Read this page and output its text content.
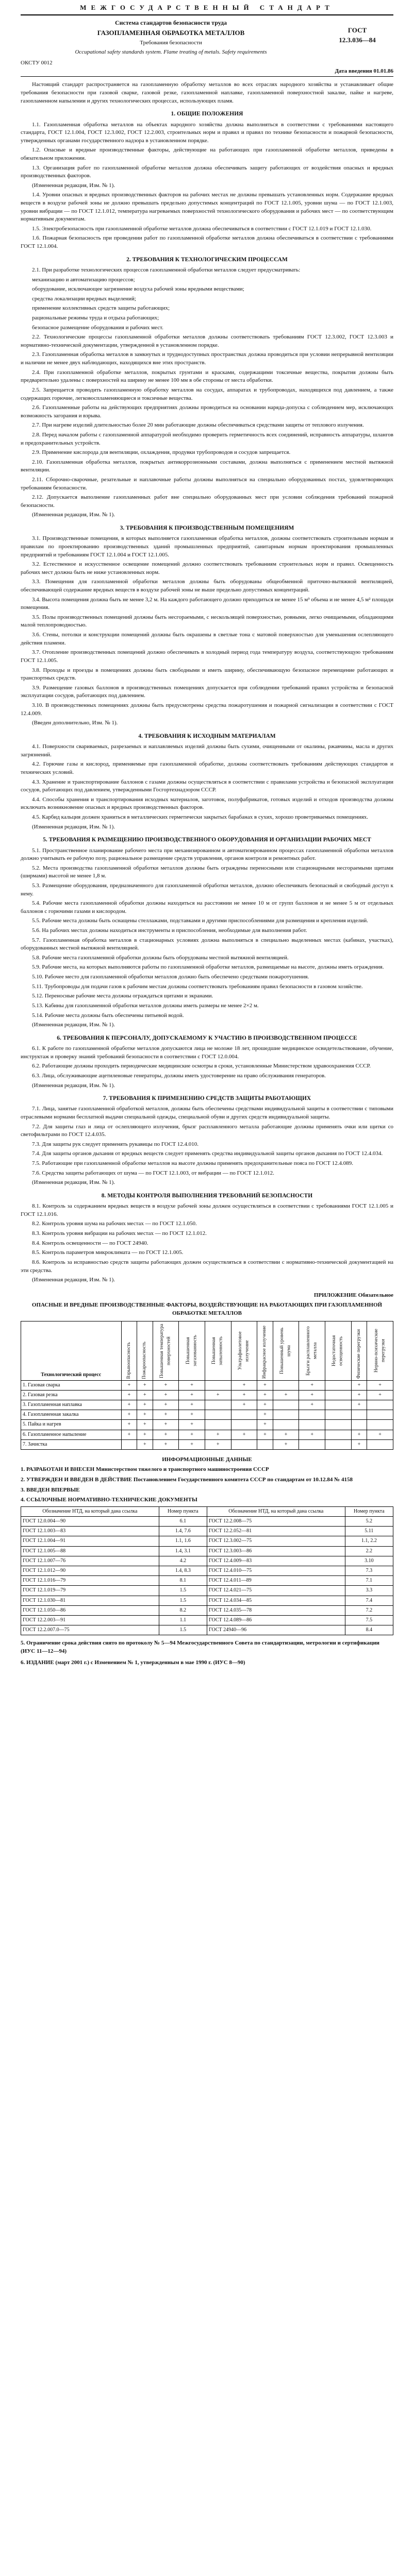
МЕЖГОСУДАРСТВЕННЫЙ СТАНДАРТ
Система стандартов безопасности труда
ГАЗОПЛАМЕННАЯ ОБРАБОТКА МЕТАЛЛОВ
Требования безопасности
Occupational safety standards system. Flame treating of metals. Safety requirements
ГОСТ
12.3.036—84
ОКСТУ 0012
Дата введения 01.01.86

Настоящий стандарт распространяется на газопламенную обработку металлов во всех отраслях народного хозяйства и устанавливает общие требования безопасности при газовой сварке, газовой резке, газопламенной наплавке, газопламенной поверхностной закалке, пайке и нагреве, газопламенном напылении и других технологических процессах, использующих пламя.

1. ОБЩИЕ ПОЛОЖЕНИЯ

1.1. Газопламенная обработка металлов на объектах народного хозяйства должна выполняться в соответствии с требованиями настоящего стандарта, ГОСТ 12.1.004, ГОСТ 12.3.002, ГОСТ 12.2.003, строительных норм и правил и правил по технике безопасности и пожарной безопасности, утвержденных органами государственного надзора в установленном порядке.

1.2. Опасные и вредные производственные факторы, действующие на работающих при газопламенной обработке металлов, приведены в обязательном приложении.

1.3. Организация работ по газопламенной обработке металлов должна обеспечивать защиту работающих от воздействия опасных и вредных производственных факторов.

(Измененная редакция, Изм. № 1).

1.4. Уровни опасных и вредных производственных факторов на рабочих местах не должны превышать установленных норм. Содержание вредных веществ в воздухе рабочей зоны не должно превышать предельно допустимых концентраций по ГОСТ 12.1.005, уровни шума — по ГОСТ 12.1.003, уровни вибрации — по ГОСТ 12.1.012, температура нагреваемых поверхностей технологического оборудования и рабочих мест — по соответствующим нормативным документам.

1.5. Электробезопасность при газопламенной обработке металлов должна обеспечиваться в соответствии с ГОСТ 12.1.019 и ГОСТ 12.1.030.

1.6. Пожарная безопасность при проведении работ по газопламенной обработке металлов должна обеспечиваться в соответствии с требованиями ГОСТ 12.1.004.

2. ТРЕБОВАНИЯ К ТЕХНОЛОГИЧЕСКИМ ПРОЦЕССАМ

2.1. При разработке технологических процессов газопламенной обработки металлов следует предусматривать:

механизацию и автоматизацию процессов;

оборудование, исключающее загрязнение воздуха рабочей зоны вредными веществами;

средства локализации вредных выделений;

применение коллективных средств защиты работающих;

рациональные режимы труда и отдыха работающих;

безопасное размещение оборудования и рабочих мест.

2.2. Технологические процессы газопламенной обработки металлов должны соответствовать требованиям ГОСТ 12.3.002, ГОСТ 12.3.003 и нормативно-технической документации, утвержденной в установленном порядке.

2.3. Газопламенная обработка металлов в замкнутых и труднодоступных пространствах должна проводиться при условии непрерывной вентиляции и наличии не менее двух наблюдающих, находящихся вне этих пространств.

2.4. При газопламенной обработке металлов, покрытых грунтами и красками, содержащими токсичные вещества, покрытия должны быть предварительно удалены с поверхностей на ширину не менее 100 мм в обе стороны от места обработки.

2.5. Запрещается проводить газопламенную обработку металлов на сосудах, аппаратах и трубопроводах, находящихся под давлением, а также содержащих горючие, легковоспламеняющиеся и токсичные вещества.

2.6. Газопламенные работы на действующих предприятиях должны проводиться на основании наряда-допуска с соблюдением мер, исключающих возможность загорания и взрыва.

2.7. При нагреве изделий длительностью более 20 мин работающие должны обеспечиваться средствами защиты от теплового излучения.

2.8. Перед началом работы с газопламенной аппаратурой необходимо проверить герметичность всех соединений, исправность аппаратуры, шлангов и предохранительных устройств.

2.9. Применение кислорода для вентиляции, охлаждения, продувки трубопроводов и сосудов запрещается.

2.10. Газопламенная обработка металлов, покрытых антикоррозионными составами, должна выполняться с применением местной вытяжной вентиляции.

2.11. Сборочно-сварочные, резательные и наплавочные работы должны выполняться на специально оборудованных постах, удовлетворяющих требованиям безопасности.

2.12. Допускается выполнение газопламенных работ вне специально оборудованных мест при условии соблюдения требований пожарной безопасности.

(Измененная редакция, Изм. № 1).

3. ТРЕБОВАНИЯ К ПРОИЗВОДСТВЕННЫМ ПОМЕЩЕНИЯМ

3.1. Производственные помещения, в которых выполняется газопламенная обработка металлов, должны соответствовать строительным нормам и правилам по проектированию производственных зданий промышленных предприятий, санитарным нормам проектирования промышленных предприятий и требованиям ГОСТ 12.1.004 и ГОСТ 12.1.005.

3.2. Естественное и искусственное освещение помещений должно соответствовать требованиям строительных норм и правил. Освещенность рабочих мест должна быть не ниже установленных норм.

3.3. Помещения для газопламенной обработки металлов должны быть оборудованы общеобменной приточно-вытяжной вентиляцией, обеспечивающей содержание вредных веществ в воздухе рабочей зоны не выше предельно допустимых концентраций.

3.4. Высота помещения должна быть не менее 3,2 м. На каждого работающего должно приходиться не менее 15 м³ объема и не менее 4,5 м² площади помещения.

3.5. Полы производственных помещений должны быть несгораемыми, с нескользящей поверхностью, ровными, легко очищаемыми, обладающими малой теплопроводностью.

3.6. Стены, потолки и конструкции помещений должны быть окрашены в светлые тона с матовой поверхностью для уменьшения ослепляющего действия пламени.

3.7. Отопление производственных помещений должно обеспечивать в холодный период года температуру воздуха, соответствующую требованиям ГОСТ 12.1.005.

3.8. Проходы и проезды в помещениях должны быть свободными и иметь ширину, обеспечивающую безопасное перемещение работающих и транспортных средств.

3.9. Размещение газовых баллонов в производственных помещениях допускается при соблюдении требований правил устройства и безопасной эксплуатации сосудов, работающих под давлением.

3.10. В производственных помещениях должны быть предусмотрены средства пожаротушения и пожарной сигнализации в соответствии с ГОСТ 12.4.009.

(Введен дополнительно, Изм. № 1).

4. ТРЕБОВАНИЯ К ИСХОДНЫМ МАТЕРИАЛАМ

4.1. Поверхности свариваемых, разрезаемых и наплавляемых изделий должны быть сухими, очищенными от окалины, ржавчины, масла и других загрязнений.

4.2. Горючие газы и кислород, применяемые при газопламенной обработке, должны соответствовать требованиям действующих стандартов и технических условий.

4.3. Хранение и транспортирование баллонов с газами должны осуществляться в соответствии с правилами устройства и безопасной эксплуатации сосудов, работающих под давлением, утвержденными Госгортехнадзором СССР.

4.4. Способы хранения и транспортирования исходных материалов, заготовок, полуфабрикатов, готовых изделий и отходов производства должны исключать возникновение опасных и вредных производственных факторов.

4.5. Карбид кальция должен храниться в металлических герметически закрытых барабанах в сухих, хорошо проветриваемых помещениях.

(Измененная редакция, Изм. № 1).

5. ТРЕБОВАНИЯ К РАЗМЕЩЕНИЮ ПРОИЗВОДСТВЕННОГО ОБОРУДОВАНИЯ И ОРГАНИЗАЦИИ РАБОЧИХ МЕСТ

5.1. Пространственное планирование рабочего места при механизированном и автоматизированном процессах газопламенной обработки металлов должно учитывать ее рабочую позу, рациональное размещение средств управления, органов контроля и ремонтных работ.

5.2. Места производства газопламенной обработки металлов должны быть ограждены переносными или стационарными несгораемыми щитами (ширмами) высотой не менее 1,8 м.

5.3. Размещение оборудования, предназначенного для газопламенной обработки металлов, должно обеспечивать безопасный и свободный доступ к нему.

5.4. Рабочие места газопламенной обработки должны находиться на расстоянии не менее 10 м от групп баллонов и не менее 5 м от отдельных баллонов с горючими газами и кислородом.

5.5. Рабочие места должны быть оснащены стеллажами, подставками и другими приспособлениями для размещения и крепления изделий.

5.6. На рабочих местах должны находиться инструменты и приспособления, необходимые для выполнения работ.

5.7. Газопламенная обработка металлов в стационарных условиях должна выполняться в специально выделенных местах (кабинах, участках), оборудованных местной вытяжной вентиляцией.

5.8. Рабочие места газопламенной обработки должны быть оборудованы местной вытяжной вентиляцией.

5.9. Рабочие места, на которых выполняются работы по газопламенной обработке металлов, размещаемые на высоте, должны иметь ограждения.

5.10. Рабочее место для газопламенной обработки металлов должно быть обеспечено средствами пожаротушения.

5.11. Трубопроводы для подачи газов к рабочим местам должны соответствовать требованиям правил безопасности в газовом хозяйстве.

5.12. Переносные рабочие места должны ограждаться щитами и экранами.

5.13. Кабины для газопламенной обработки металлов должны иметь размеры не менее 2×2 м.

5.14. Рабочие места должны быть обеспечены питьевой водой.

(Измененная редакция, Изм. № 1).

6. ТРЕБОВАНИЯ К ПЕРСОНАЛУ, ДОПУСКАЕМОМУ К УЧАСТИЮ В ПРОИЗВОДСТВЕННОМ ПРОЦЕССЕ

6.1. К работе по газопламенной обработке металлов допускаются лица не моложе 18 лет, прошедшие медицинское освидетельствование, обучение, инструктаж и проверку знаний требований безопасности в соответствии с ГОСТ 12.0.004.

6.2. Работающие должны проходить периодические медицинские осмотры в сроки, установленные Министерством здравоохранения СССР.

6.3. Лица, обслуживающие ацетиленовые генераторы, должны иметь удостоверение на право обслуживания генераторов.

(Измененная редакция, Изм. № 1).

7. ТРЕБОВАНИЯ К ПРИМЕНЕНИЮ СРЕДСТВ ЗАЩИТЫ РАБОТАЮЩИХ

7.1. Лица, занятые газопламенной обработкой металлов, должны быть обеспечены средствами индивидуальной защиты в соответствии с типовыми отраслевыми нормами бесплатной выдачи специальной одежды, специальной обуви и других средств индивидуальной защиты.

7.2. Для защиты глаз и лица от ослепляющего излучения, брызг расплавленного металла работающие должны применять очки или щитки со светофильтрами по ГОСТ 12.4.035.

7.3. Для защиты рук следует применять рукавицы по ГОСТ 12.4.010.

7.4. Для защиты органов дыхания от вредных веществ следует применять средства индивидуальной защиты органов дыхания по ГОСТ 12.4.034.

7.5. Работающие при газопламенной обработке металлов на высоте должны применять предохранительные пояса по ГОСТ 12.4.089.

7.6. Средства защиты работающих от шума — по ГОСТ 12.1.003, от вибрации — по ГОСТ 12.1.012.

(Измененная редакция, Изм. № 1).

8. МЕТОДЫ КОНТРОЛЯ ВЫПОЛНЕНИЯ ТРЕБОВАНИЙ БЕЗОПАСНОСТИ

8.1. Контроль за содержанием вредных веществ в воздухе рабочей зоны должен осуществляться в соответствии с требованиями ГОСТ 12.1.005 и ГОСТ 12.1.016.

8.2. Контроль уровня шума на рабочих местах — по ГОСТ 12.1.050.

8.3. Контроль уровня вибрации на рабочих местах — по ГОСТ 12.1.012.

8.4. Контроль освещенности — по ГОСТ 24940.

8.5. Контроль параметров микроклимата — по ГОСТ 12.1.005.

8.6. Контроль за исправностью средств защиты работающих должен осуществляться в соответствии с нормативно-технической документацией на эти средства.

(Измененная редакция, Изм. № 1).

ПРИЛОЖЕНИЕ Обязательное
ОПАСНЫЕ И ВРЕДНЫЕ ПРОИЗВОДСТВЕННЫЕ ФАКТОРЫ, ВОЗДЕЙСТВУЮЩИЕ НА РАБОТАЮЩИХ ПРИ ГАЗОПЛАМЕННОЙ ОБРАБОТКЕ МЕТАЛЛОВ
Технологический процесс	Взрывоопасность	Пожароопасность	Повышенная температура поверхностей	Повышенная загазованность	Повышенная запыленность	Ультрафиолетовое излучение	Инфракрасное излучение	Повышенный уровень шума	Брызги расплавленного металла	Недостаточная освещенность	Физические перегрузки	Нервно-психические перегрузки

1. Газовая сварка	+	+	+	+		+	+		+		+	+
2. Газовая резка	+	+	+	+	+	+	+	+	+		+	+
3. Газопламенная наплавка	+	+	+	+		+	+		+		+	
4. Газопламенная закалка	+	+	+	+			+					
5. Пайка и нагрев	+	+	+	+			+					
6. Газопламенное напыление	+	+	+	+	+	+	+	+	+		+	+
7. Зачистка		+	+	+	+			+			+	
ИНФОРМАЦИОННЫЕ ДАННЫЕ
1. РАЗРАБОТАН И ВНЕСЕН Министерством тяжелого и транспортного машиностроения СССР
2. УТВЕРЖДЕН И ВВЕДЕН В ДЕЙСТВИЕ Постановлением Государственного комитета СССР по стандартам от 10.12.84 № 4158
3. ВВЕДЕН ВПЕРВЫЕ
4. ССЫЛОЧНЫЕ НОРМАТИВНО-ТЕХНИЧЕСКИЕ ДОКУМЕНТЫ
Обозначение НТД, на который дана ссылка	Номер пункта	Обозначение НТД, на который дана ссылка	Номер пункта
ГОСТ 12.0.004—90	6.1	ГОСТ 12.2.008—75	5.2
ГОСТ 12.1.003—83	1.4, 7.6	ГОСТ 12.2.052—81	5.11
ГОСТ 12.1.004—91	1.1, 1.6	ГОСТ 12.3.002—75	1.1, 2.2
ГОСТ 12.1.005—88	1.4, 3.1	ГОСТ 12.3.003—86	2.2
ГОСТ 12.1.007—76	4.2	ГОСТ 12.4.009—83	3.10
ГОСТ 12.1.012—90	1.4, 8.3	ГОСТ 12.4.010—75	7.3
ГОСТ 12.1.016—79	8.1	ГОСТ 12.4.011—89	7.1
ГОСТ 12.1.019—79	1.5	ГОСТ 12.4.021—75	3.3
ГОСТ 12.1.030—81	1.5	ГОСТ 12.4.034—85	7.4
ГОСТ 12.1.050—86	8.2	ГОСТ 12.4.035—78	7.2
ГОСТ 12.2.003—91	1.1	ГОСТ 12.4.089—86	7.5
ГОСТ 12.2.007.0—75	1.5	ГОСТ 24940—96	8.4
5. Ограничение срока действия снято по протоколу № 5—94 Межгосударственного Совета по стандартизации, метрологии и сертификации (ИУС 11—12—94)
6. ИЗДАНИЕ (март 2001 г.) с Изменением № 1, утвержденным в мае 1990 г. (ИУС 8—90)
